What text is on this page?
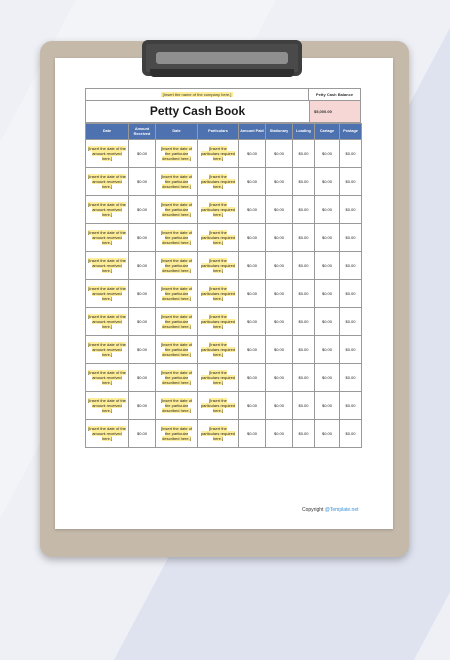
[Insert the name of the company here.]	Petty Cash Balance
Petty Cash Book	$5,000.00
Date	Amount Received	Date	Particulars	Amount Paid	Stationary	Loading	Cartage	Postage
[Insert the date of the amount received here.]	$0.00	[Insert the date of the particular described here.]	[Insert the particulars required here.]	$0.00	$0.00	$0.00	$0.00	$0.00
[Insert the date of the amount received here.]	$0.00	[Insert the date of the particular described here.]	[Insert the particulars required here.]	$0.00	$0.00	$0.00	$0.00	$0.00
[Insert the date of the amount received here.]	$0.00	[Insert the date of the particular described here.]	[Insert the particulars required here.]	$0.00	$0.00	$0.00	$0.00	$0.00
[Insert the date of the amount received here.]	$0.00	[Insert the date of the particular described here.]	[Insert the particulars required here.]	$0.00	$0.00	$0.00	$0.00	$0.00
[Insert the date of the amount received here.]	$0.00	[Insert the date of the particular described here.]	[Insert the particulars required here.]	$0.00	$0.00	$0.00	$0.00	$0.00
[Insert the date of the amount received here.]	$0.00	[Insert the date of the particular described here.]	[Insert the particulars required here.]	$0.00	$0.00	$0.00	$0.00	$0.00
[Insert the date of the amount received here.]	$0.00	[Insert the date of the particular described here.]	[Insert the particulars required here.]	$0.00	$0.00	$0.00	$0.00	$0.00
[Insert the date of the amount received here.]	$0.00	[Insert the date of the particular described here.]	[Insert the particulars required here.]	$0.00	$0.00	$0.00	$0.00	$0.00
[Insert the date of the amount received here.]	$0.00	[Insert the date of the particular described here.]	[Insert the particulars required here.]	$0.00	$0.00	$0.00	$0.00	$0.00
[Insert the date of the amount received here.]	$0.00	[Insert the date of the particular described here.]	[Insert the particulars required here.]	$0.00	$0.00	$0.00	$0.00	$0.00
[Insert the date of the amount received here.]	$0.00	[Insert the date of the particular described here.]	[Insert the particulars required here.]	$0.00	$0.00	$0.00	$0.00	$0.00
Copyright @Template.net
